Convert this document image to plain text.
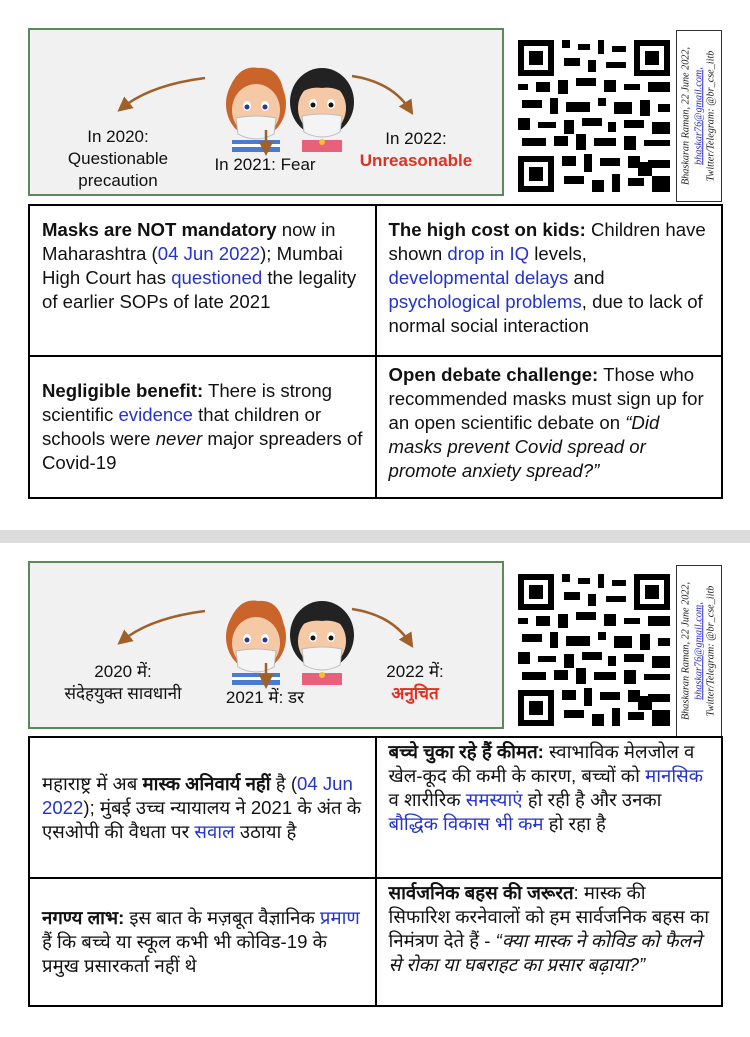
In 2020:
Questionable
precaution
In 2021: Fear
In 2022:
Unreasonable	Bhaskaran Raman, 22 June 2022, bhaskar76@gmail.com, Twitter/Telegram: @br_cse_iitb
Masks are NOT mandatory now in Maharashtra (04 Jun 2022); Mumbai High Court has questioned the legality of earlier SOPs of late 2021	The high cost on kids: Children have shown drop in IQ levels, developmental delays and psychological problems, due to lack of normal social interaction
Negligible benefit: There is strong scientific evidence that children or schools were never major spreaders of Covid-19	Open debate challenge: Those who recommended masks must sign up for an open scientific debate on “Did masks prevent Covid spread or promote anxiety spread?”
2020 में:
संदेहयुक्त सावधानी	2021 में: डर
2022 में:
अनुचित	Bhaskaran Raman, 22 June 2022, bhaskar76@gmail.com, Twitter/Telegram: @br_cse_iitb
महाराष्ट्र में अब मास्क अनिवार्य नहीं है (04 Jun 2022); मुंबई उच्च न्यायालय ने 2021 के अंत के एसओपी की वैधता पर सवाल उठाया है	बच्चे चुका रहे हैं कीमत: स्वाभाविक मेलजोल व खेल-कूद की कमी के कारण, बच्चों को मानसिक व शारीरिक समस्याएं हो रही है और उनका बौद्धिक विकास भी कम हो रहा है
नगण्य लाभ: इस बात के मज़बूत वैज्ञानिक प्रमाण हैं कि बच्चे या स्कूल कभी भी कोविड-19 के प्रमुख प्रसारकर्ता नहीं थे	सार्वजनिक बहस की जरूरत: मास्क की सिफारिश करनेवालों को हम सार्वजनिक बहस का निमंत्रण देते हैं - “क्या मास्क ने कोविड को फैलने से रोका या घबराहट का प्रसार बढ़ाया?”
